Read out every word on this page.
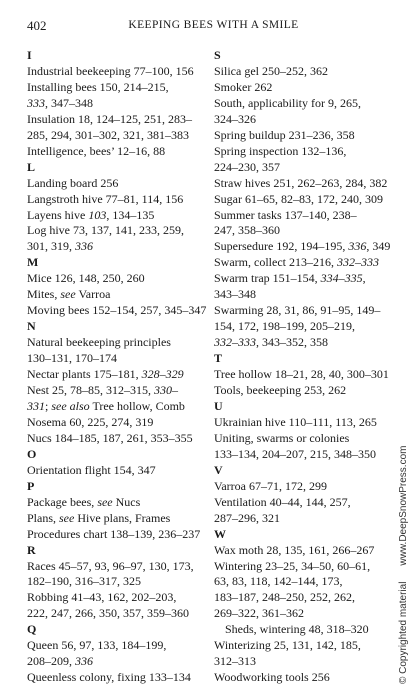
402	KEEPING BEES WITH A SMILE
I
Industrial beekeeping 77–100, 156
Installing bees 150, 214–215,
333, 347–348
Insulation 18, 124–125, 251, 283–
285, 294, 301–302, 321, 381–383
Intelligence, bees’ 12–16, 88
L
Landing board 256
Langstroth hive 77–81, 114, 156
Layens hive 103, 134–135
Log hive 73, 137, 141, 233, 259,
301, 319, 336
M
Mice 126, 148, 250, 260
Mites, see Varroa
Moving bees 152–154, 257, 345–347
N
Natural beekeeping principles
130–131, 170–174
Nectar plants 175–181, 328–329
Nest 25, 78–85, 312–315, 330–
331; see also Tree hollow, Comb
Nosema 60, 225, 274, 319
Nucs 184–185, 187, 261, 353–355
O
Orientation flight 154, 347
P
Package bees, see Nucs
Plans, see Hive plans, Frames
Procedures chart 138–139, 236–237
R
Races 45–57, 93, 96–97, 130, 173,
182–190, 316–317, 325
Robbing 41–43, 162, 202–203,
222, 247, 266, 350, 357, 359–360
Q
Queen 56, 97, 133, 184–199,
208–209, 336
Queenless colony, fixing 133–134
S
Silica gel 250–252, 362
Smoker 262
South, applicability for 9, 265,
324–326
Spring buildup 231–236, 358
Spring inspection 132–136,
224–230, 357
Straw hives 251, 262–263, 284, 382
Sugar 61–65, 82–83, 172, 240, 309
Summer tasks 137–140, 238–
247, 358–360
Supersedure 192, 194–195, 336, 349
Swarm, collect 213–216, 332–333
Swarm trap 151–154, 334–335,
343–348
Swarming 28, 31, 86, 91–95, 149–
154, 172, 198–199, 205–219,
332–333, 343–352, 358
T
Tree hollow 18–21, 28, 40, 300–301
Tools, beekeeping 253, 262
U
Ukrainian hive 110–111, 113, 265
Uniting, swarms or colonies
133–134, 204–207, 215, 348–350
V
Varroa 67–71, 172, 299
Ventilation 40–44, 144, 257,
287–296, 321
W
Wax moth 28, 135, 161, 266–267
Wintering 23–25, 34–50, 60–61,
63, 83, 118, 142–144, 173,
183–187, 248–250, 252, 262,
269–322, 361–362
Sheds, wintering 48, 318–320
Winterizing 25, 131, 142, 185,
312–313
Woodworking tools 256	© Copyrighted materialwww.DeepSnowPress.com
